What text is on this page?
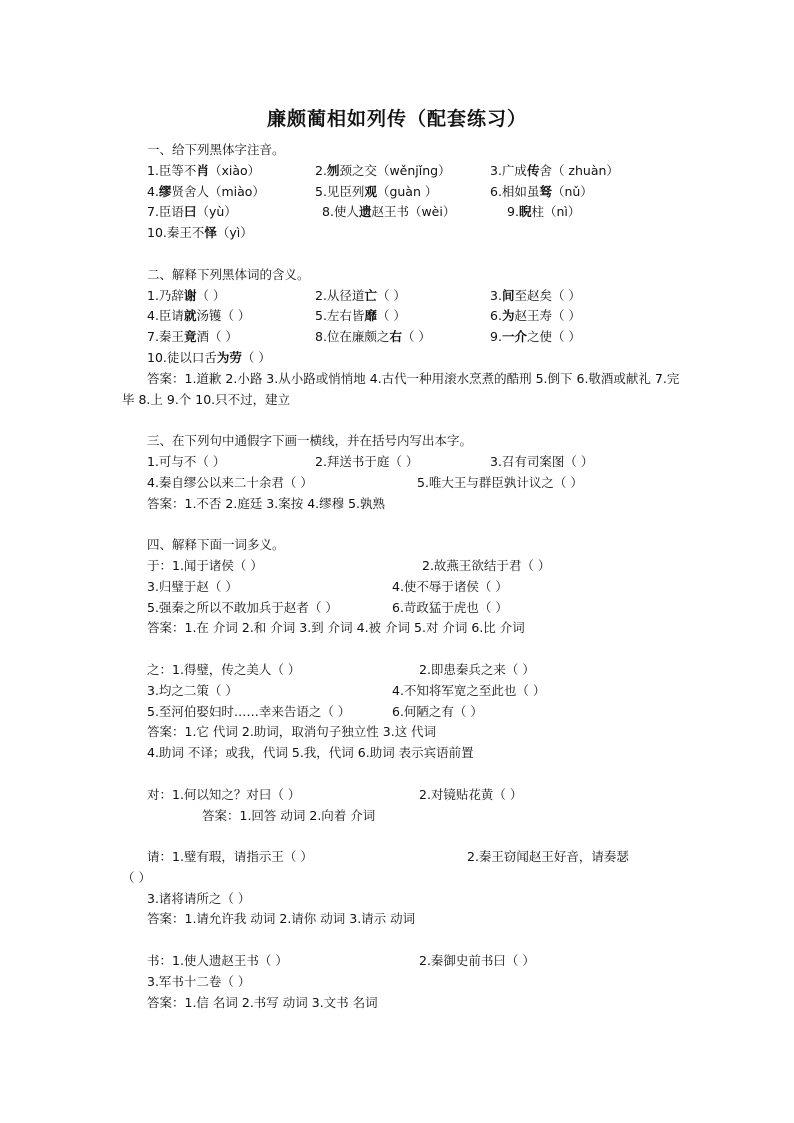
廉颇蔺相如列传（配套练习）
一、给下列黑体字注音。
1.臣等不肖（xiào）	2.刎颈之交（wěnjǐng）	3.广成传舍（ zhuàn）
4.缪贤舍人（miào）	5.见臣列观（guàn ）	6.相如虽驽（nǔ）
7.臣语曰（yù）	8.使人遗赵王书（wèi）	9.睨柱（nì）
10.秦王不怿（yì）
二、解释下列黑体词的含义。
1.乃辞谢（ ）	2.从径道亡（ ）	3.间至赵矣（ ）
4.臣请就汤镬（ ）	5.左右皆靡（ ）	6.为赵王寿（ ）
7.秦王竟酒（ ）	8.位在廉颇之右（ ）	9.一介之使（ ）
10.徒以口舌为劳（ ）
答案：1.道歉 2.小路 3.从小路或悄悄地 4.古代一种用滚水烹煮的酷刑 5.倒下 6.敬酒或献礼 7.完毕 8.上 9.个 10.只不过，建立
三、在下列句中通假字下画一横线，并在括号内写出本字。
1.可与不（ ）	2.拜送书于庭（ ）	3.召有司案图（ ）
4.秦自缪公以来二十余君（ ）	5.唯大王与群臣孰计议之（ ）
答案：1.不否 2.庭廷 3.案按 4.缪穆 5.孰熟
四、解释下面一词多义。
于：1.闻于诸侯（ ）	2.故燕王欲结于君（ ）
3.归璧于赵（ ）	4.使不辱于诸侯（ ）
5.强秦之所以不敢加兵于赵者（ ）	6.苛政猛于虎也（ ）
答案：1.在 介词 2.和 介词 3.到 介词 4.被 介词 5.对 介词 6.比 介词
之：1.得璧，传之美人（ ）	2.即患秦兵之来（ ）
3.均之二策（ ）	4.不知将军宽之至此也（ ）
5.至河伯娶妇时……幸来告语之（ ）	6.何陋之有（ ）
答案：1.它 代词 2.助词，取消句子独立性 3.这 代词
4.助词 不译；或我，代词 5.我，代词 6.助词 表示宾语前置
对：1.何以知之？对曰（ ）	2.对镜贴花黄（ ）
答案：1.回答 动词 2.向着 介词
请：1.璧有瑕，请指示王（ ）	2.秦王窃闻赵王好音，请奏瑟
（ ）
3.诸将请所之（ ）
答案：1.请允许我 动词 2.请你 动词 3.请示 动词
书：1.使人遗赵王书（ ）	2.秦御史前书曰（ ）
3.军书十二卷（ ）
答案：1.信 名词 2.书写 动词 3.文书 名词
